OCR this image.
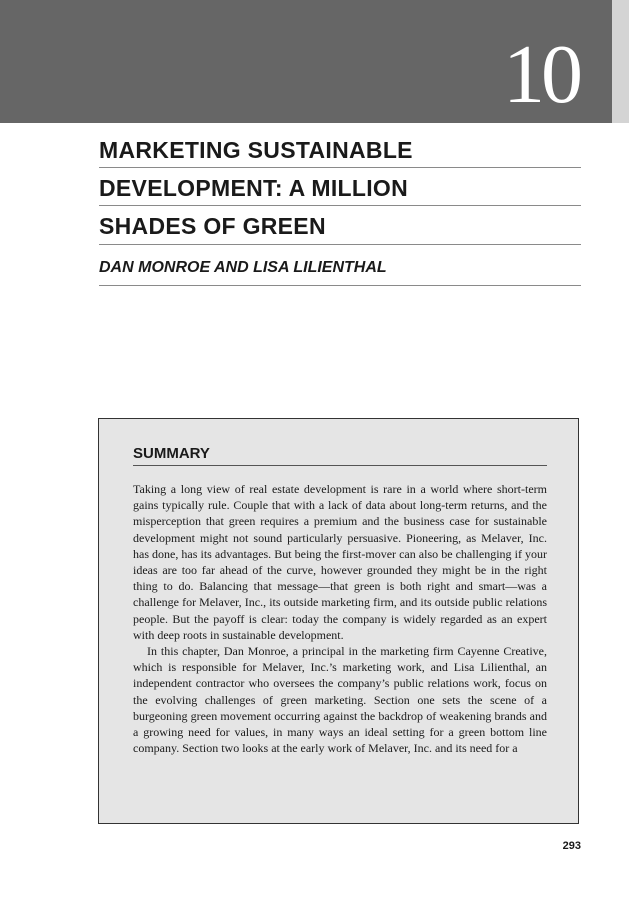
10
MARKETING SUSTAINABLE
DEVELOPMENT: A MILLION
SHADES OF GREEN
DAN MONROE AND LISA LILIENTHAL
SUMMARY

Taking a long view of real estate development is rare in a world where short-term gains typically rule. Couple that with a lack of data about long-term returns, and the misperception that green requires a premium and the business case for sustainable development might not sound particularly persuasive. Pioneering, as Melaver, Inc. has done, has its advantages. But being the first-mover can also be challenging if your ideas are too far ahead of the curve, however grounded they might be in the right thing to do. Balancing that message—that green is both right and smart—was a challenge for Melaver, Inc., its outside marketing firm, and its outside public relations people. But the payoff is clear: today the company is widely regarded as an expert with deep roots in sustainable development.

In this chapter, Dan Monroe, a principal in the marketing firm Cayenne Creative, which is responsible for Melaver, Inc.’s marketing work, and Lisa Lilienthal, an independent contractor who oversees the company’s public relations work, focus on the evolving challenges of green marketing. Section one sets the scene of a burgeoning green movement occurring against the backdrop of weakening brands and a growing need for values, in many ways an ideal setting for a green bottom line company. Section two looks at the early work of Melaver, Inc. and its need for a

293
